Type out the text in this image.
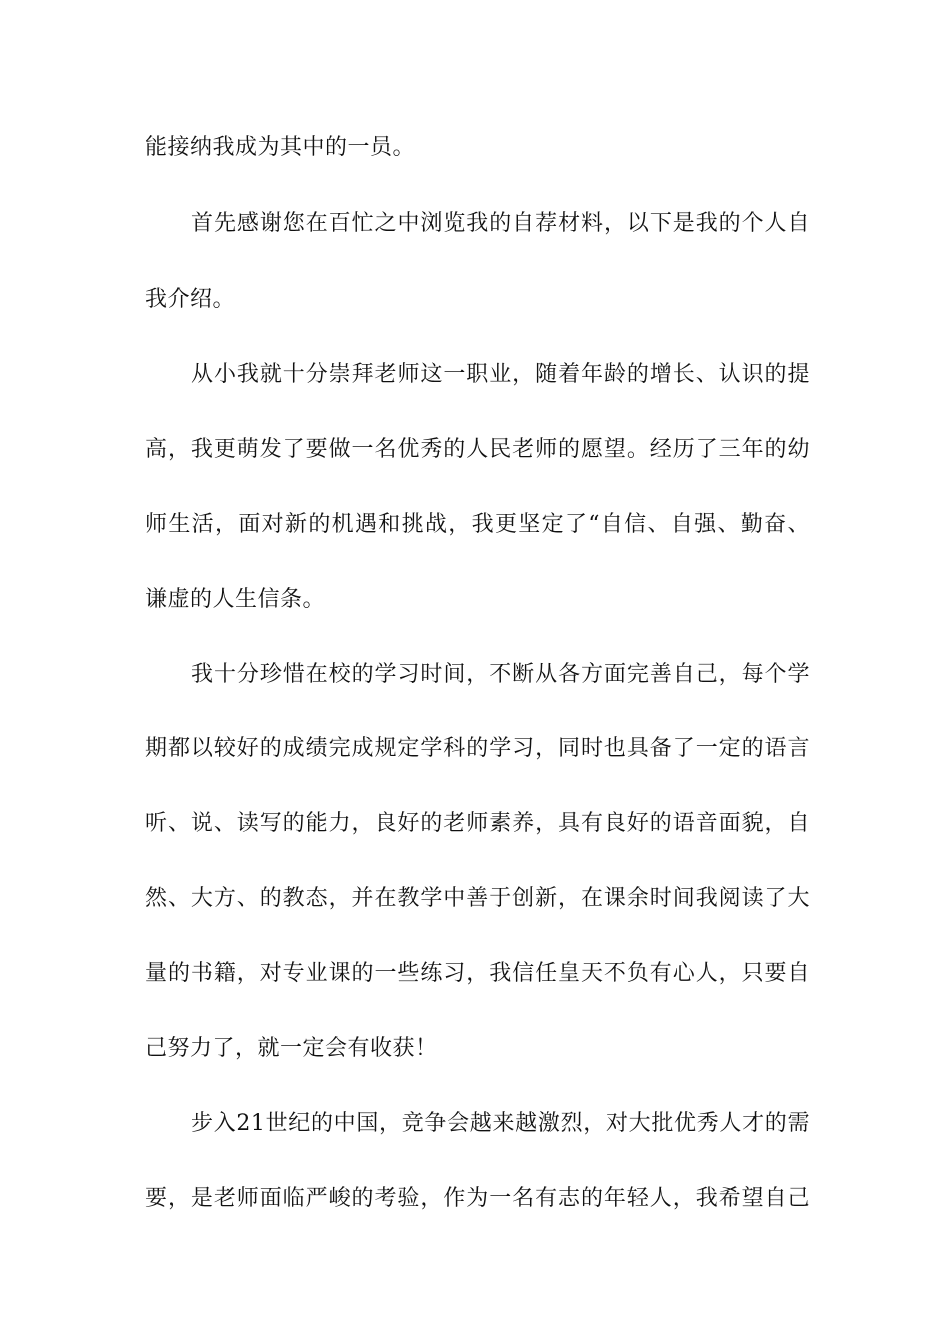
能接纳我成为其中的一员。
首先感谢您在百忙之中浏览我的自荐材料，以下是我的个人自
我介绍。
从小我就十分崇拜老师这一职业，随着年龄的增长、认识的提
高，我更萌发了要做一名优秀的人民老师的愿望。经历了三年的幼
师生活，面对新的机遇和挑战，我更坚定了“自信、自强、勤奋、
谦虚的人生信条。
我十分珍惜在校的学习时间，不断从各方面完善自己，每个学
期都以较好的成绩完成规定学科的学习，同时也具备了一定的语言
听、说、读写的能力，良好的老师素养，具有良好的语音面貌，自
然、大方、的教态，并在教学中善于创新，在课余时间我阅读了大
量的书籍，对专业课的一些练习，我信任皇天不负有心人，只要自
己努力了，就一定会有收获！
步入21世纪的中国，竞争会越来越激烈，对大批优秀人才的需
要，是老师面临严峻的考验，作为一名有志的年轻人，我希望自己
